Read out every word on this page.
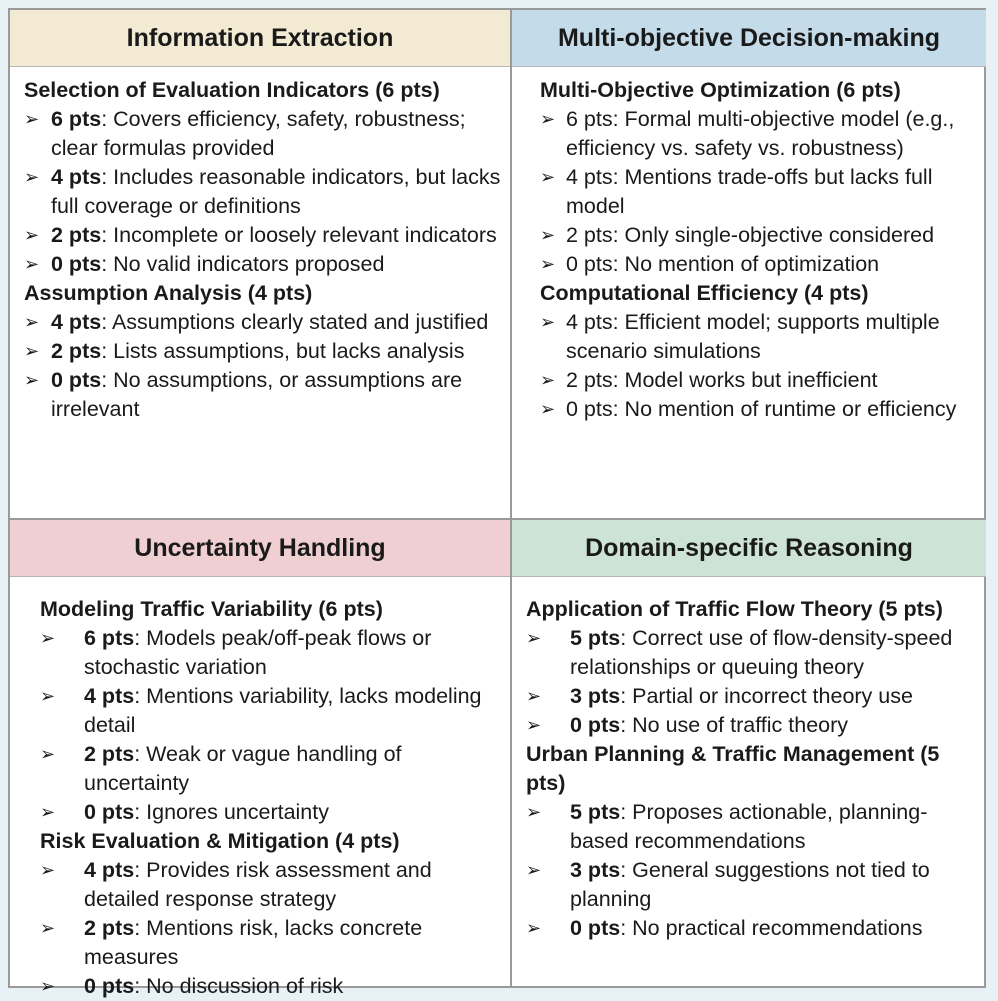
Information Extraction
Selection of Evaluation Indicators (6 pts)
➢ 6 pts: Covers efficiency, safety, robustness; clear formulas provided
➢ 4 pts: Includes reasonable indicators, but lacks full coverage or definitions
➢ 2 pts: Incomplete or loosely relevant indicators
➢ 0 pts: No valid indicators proposed
Assumption Analysis (4 pts)
➢ 4 pts: Assumptions clearly stated and justified
➢ 2 pts: Lists assumptions, but lacks analysis
➢ 0 pts: No assumptions, or assumptions are irrelevant
Multi-objective Decision-making
Multi-Objective Optimization (6 pts)
➢ 6 pts: Formal multi-objective model (e.g., efficiency vs. safety vs. robustness)
➢ 4 pts: Mentions trade-offs but lacks full model
➢ 2 pts: Only single-objective considered
➢ 0 pts: No mention of optimization
Computational Efficiency (4 pts)
➢ 4 pts: Efficient model; supports multiple scenario simulations
➢ 2 pts: Model works but inefficient
➢ 0 pts: No mention of runtime or efficiency
Uncertainty Handling
Modeling Traffic Variability (6 pts)
➢	6 pts: Models peak/off-peak flows or stochastic variation
➢	4 pts: Mentions variability, lacks modeling detail
➢	2 pts: Weak or vague handling of uncertainty
➢	0 pts: Ignores uncertainty
Risk Evaluation & Mitigation (4 pts)
➢	4 pts: Provides risk assessment and detailed response strategy
➢	2 pts: Mentions risk, lacks concrete measures
➢	0 pts: No discussion of risk
Domain-specific Reasoning
Application of Traffic Flow Theory (5 pts)
➢	5 pts: Correct use of flow-density-speed relationships or queuing theory
➢	3 pts: Partial or incorrect theory use
➢	0 pts: No use of traffic theory
Urban Planning & Traffic Management (5 pts)
➢	5 pts: Proposes actionable, planning-based recommendations
➢	3 pts: General suggestions not tied to planning
➢	0 pts: No practical recommendations
